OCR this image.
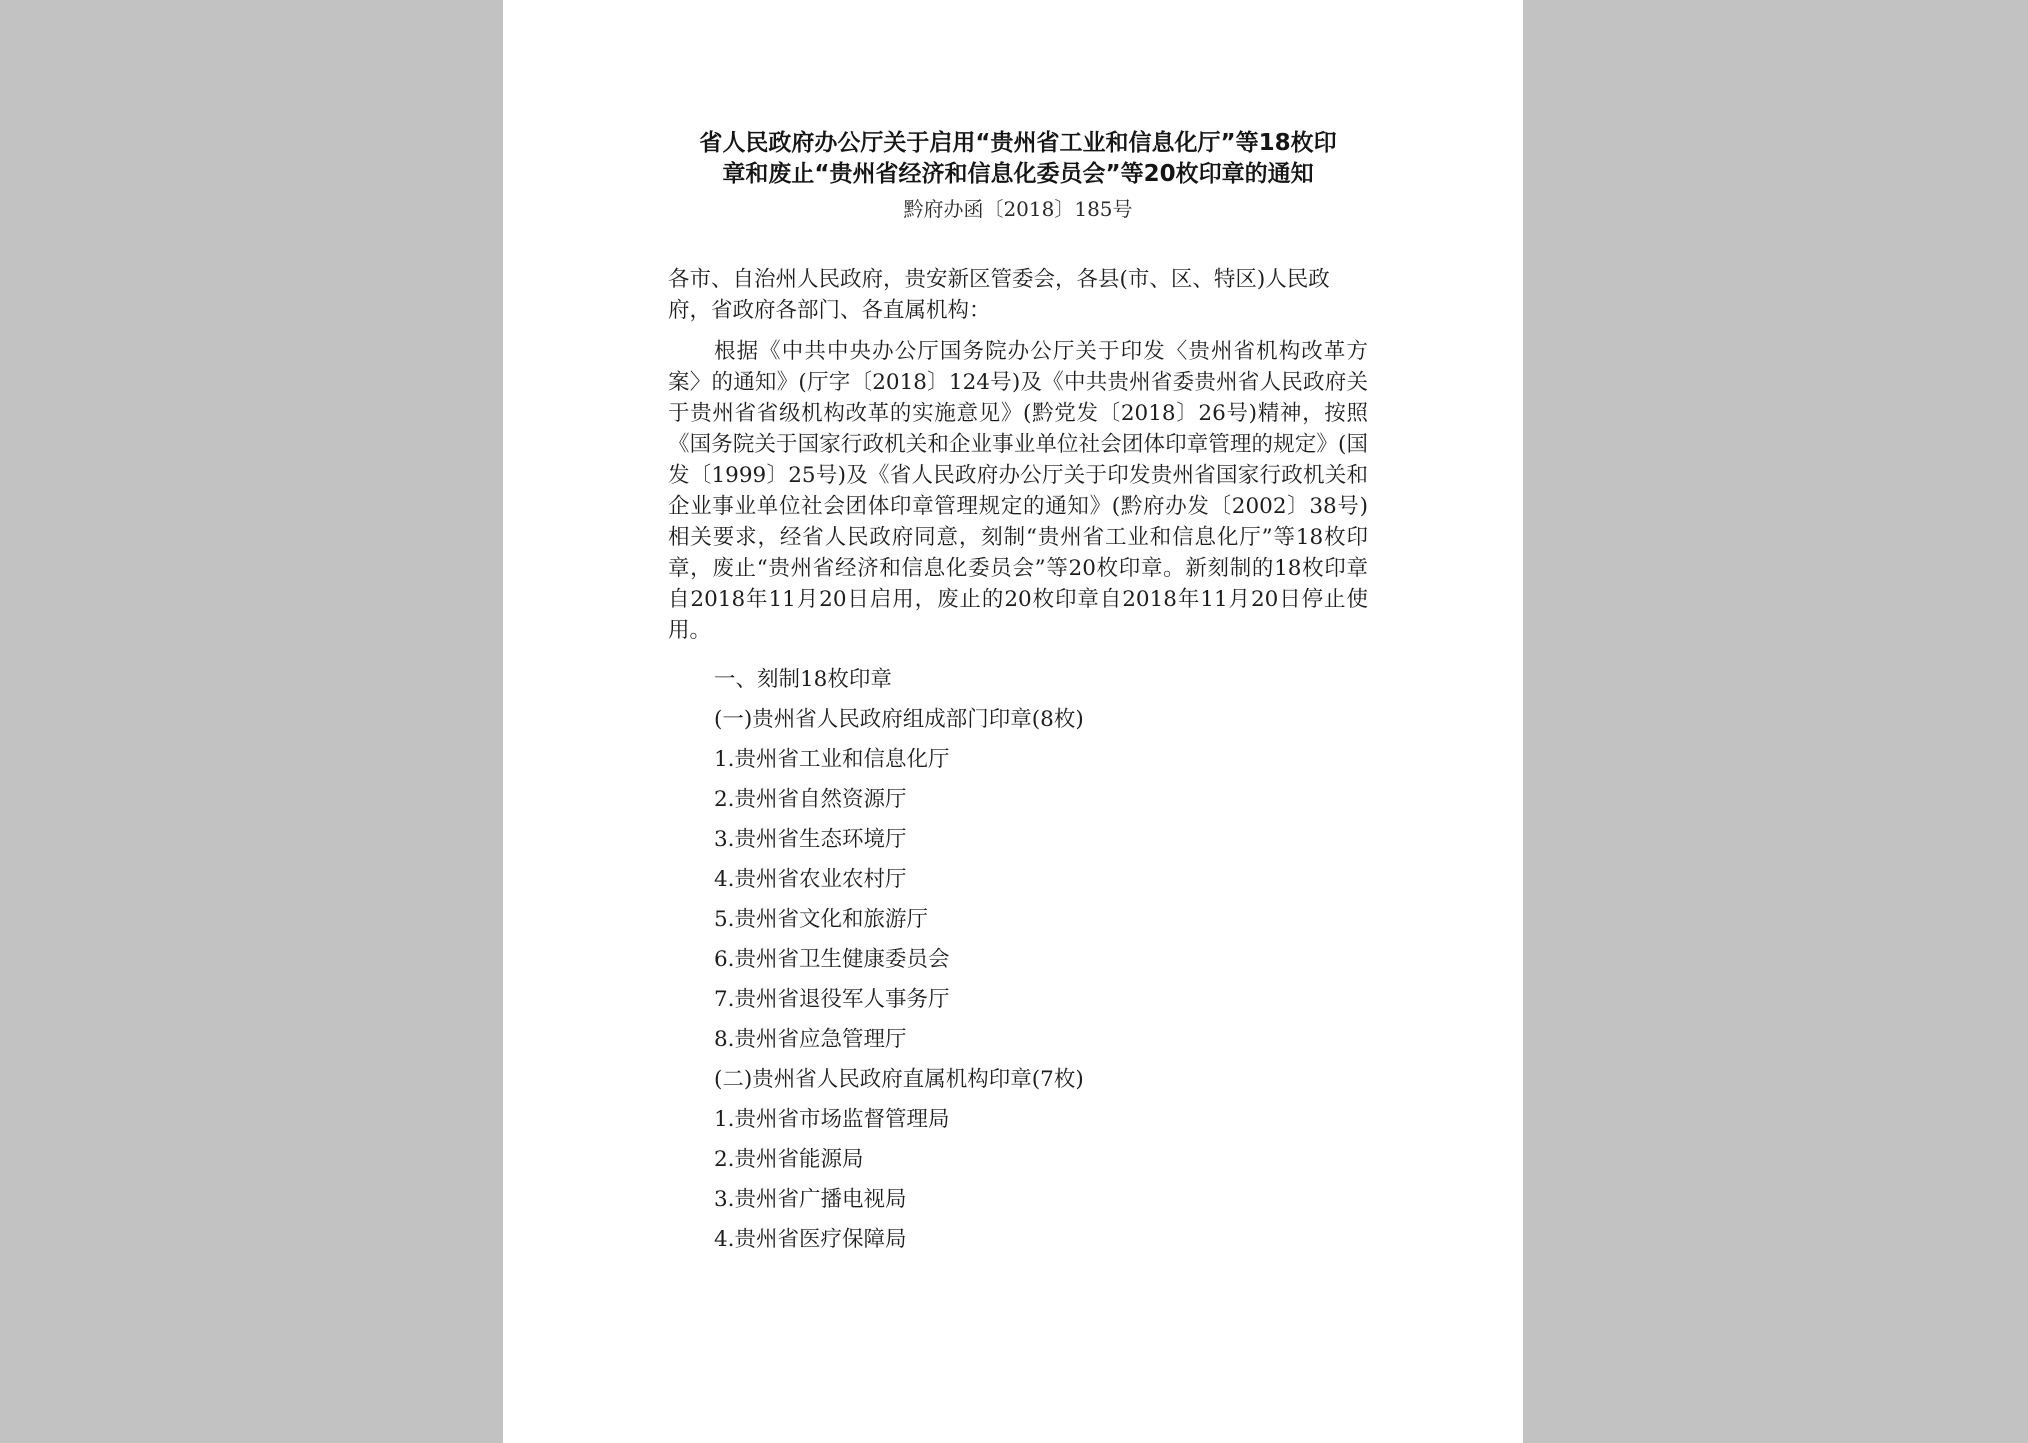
省人民政府办公厅关于启用“贵州省工业和信息化厅”等18枚印
章和废止“贵州省经济和信息化委员会”等20枚印章的通知
黔府办函〔2018〕185号
各市、自治州人民政府，贵安新区管委会，各县(市、区、特区)人民政府，省政府各部门、各直属机构：
根据《中共中央办公厅国务院办公厅关于印发〈贵州省机构改革方案〉的通知》(厅字〔2018〕124号)及《中共贵州省委贵州省人民政府关于贵州省省级机构改革的实施意见》(黔党发〔2018〕26号)精神，按照《国务院关于国家行政机关和企业事业单位社会团体印章管理的规定》(国发〔1999〕25号)及《省人民政府办公厅关于印发贵州省国家行政机关和企业事业单位社会团体印章管理规定的通知》(黔府办发〔2002〕38号)相关要求，经省人民政府同意，刻制“贵州省工业和信息化厅”等18枚印章，废止“贵州省经济和信息化委员会”等20枚印章。新刻制的18枚印章自2018年11月20日启用，废止的20枚印章自2018年11月20日停止使用。
一、刻制18枚印章
(一)贵州省人民政府组成部门印章(8枚)
1.贵州省工业和信息化厅
2.贵州省自然资源厅
3.贵州省生态环境厅
4.贵州省农业农村厅
5.贵州省文化和旅游厅
6.贵州省卫生健康委员会
7.贵州省退役军人事务厅
8.贵州省应急管理厅
(二)贵州省人民政府直属机构印章(7枚)
1.贵州省市场监督管理局
2.贵州省能源局
3.贵州省广播电视局
4.贵州省医疗保障局
